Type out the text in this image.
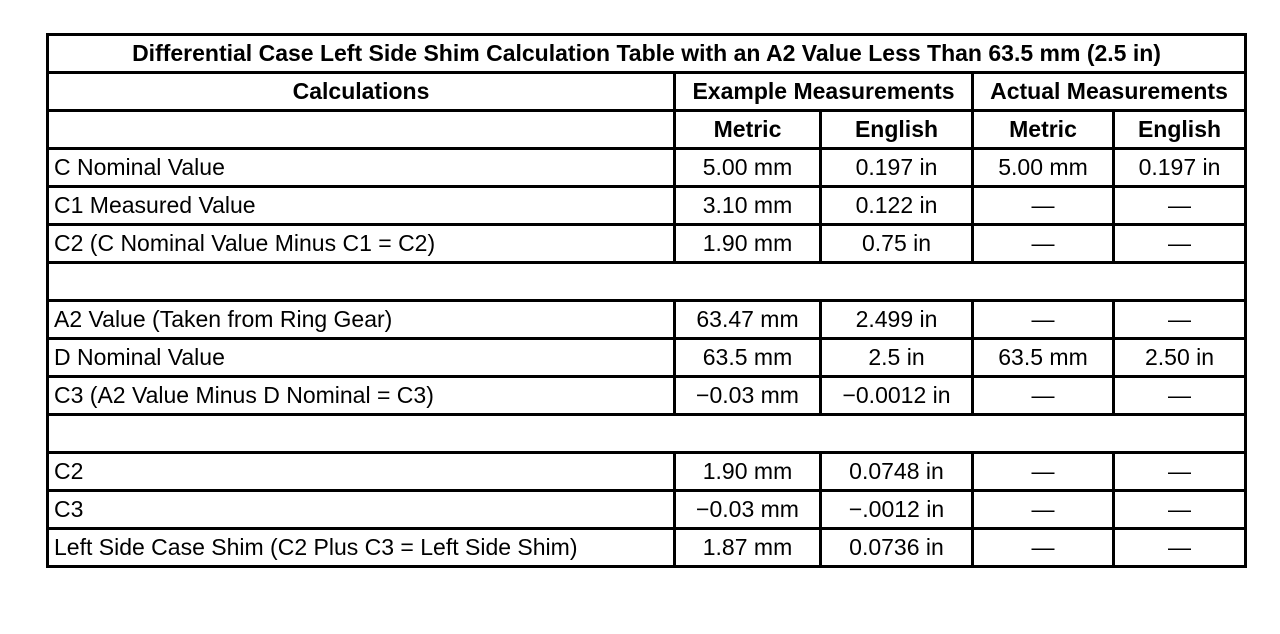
Differential Case Left Side Shim Calculation Table with an A2 Value Less Than 63.5 mm (2.5 in)				
Calculations	Example Measurements		Actual Measurements	
	Metric	English	Metric	English
C Nominal Value	5.00 mm	0.197 in	5.00 mm	0.197 in
C1 Measured Value	3.10 mm	0.122 in	—	—
C2 (C Nominal Value Minus C1 = C2)	1.90 mm	0.75 in	—	—

A2 Value (Taken from Ring Gear)	63.47 mm	2.499 in	—	—
D Nominal Value	63.5 mm	2.5 in	63.5 mm	2.50 in
C3 (A2 Value Minus D Nominal = C3)	−0.03 mm	−0.0012 in	—	—

C2	1.90 mm	0.0748 in	—	—
C3	−0.03 mm	−.0012 in	—	—
Left Side Case Shim (C2 Plus C3 = Left Side Shim)	1.87 mm	0.0736 in	—	—
